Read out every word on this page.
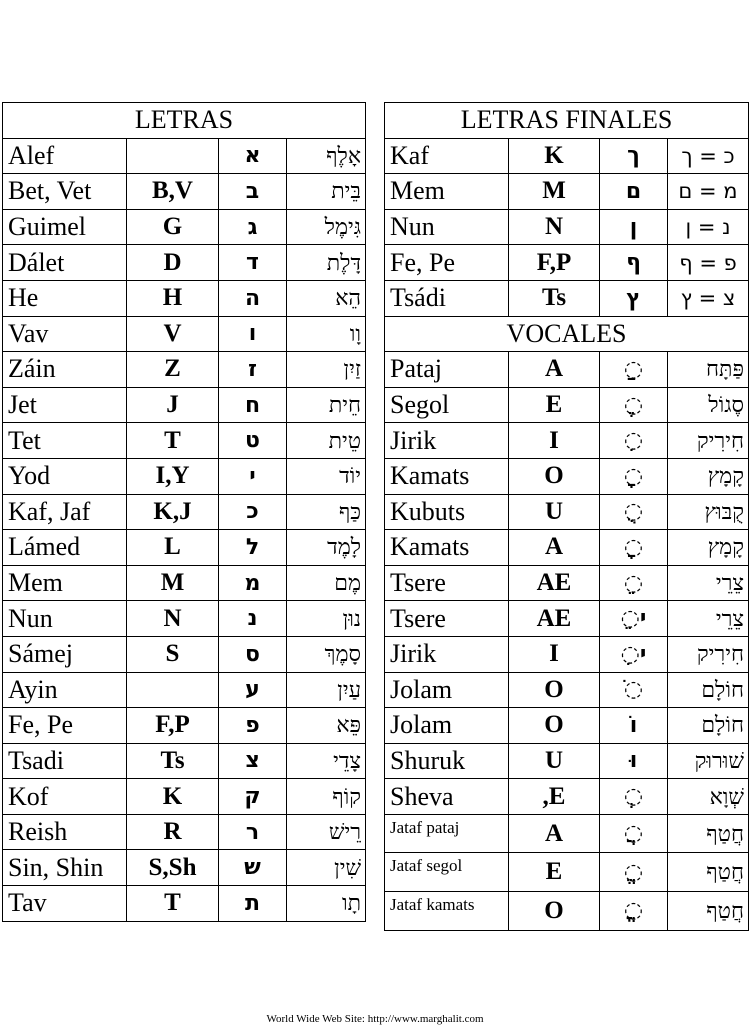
LETRAS			
Alef		א	אָלֶף
Bet, Vet	B,V	ב	בֵּית
Guimel	G	ג	גִּימֶל
Dálet	D	ד	דָּלֶת
He	H	ה	הֵא
Vav	V	ו	וָו
Záin	Z	ז	זַיִן
Jet	J	ח	חֵית
Tet	T	ט	טֵית
Yod	I,Y	י	יוֹד
Kaf, Jaf	K,J	כ	כַּף
Lámed	L	ל	לָמֶד
Mem	M	מ	מֶם
Nun	N	נ	נוּן
Sámej	S	ס	סָמֶךְ
Ayin		ע	עַיִן
Fe, Pe	F,P	פ	פֵּא
Tsadi	Ts	צ	צָדֵי
Kof	K	ק	קוֹף
Reish	R	ר	רֵישׁ
Sin, Shin	S,Sh	ש	שִׁין
Tav	T	ת	תָו
LETRAS FINALES			
Kaf	K	ך	כ = ך
Mem	M	ם	מ = ם
Nun	N	ן	נ = ן
Fe, Pe	F,P	ף	פ = ף
Tsádi	Ts	ץ	צ = ץ
VOCALES			
Pataj	A	◌ַ	פַּתָּח
Segol	E	◌ֶ	סֶגוֹל
Jirik	I	◌ִ	חִירִיק
Kamats	O	◌ָ	קָמָץ
Kubuts	U	◌ֻ	קֻבּוּץ
Kamats	A	◌ָ	קָמָץ
Tsere	AE	◌ֵ	צֵרֵי
Tsere	AE	◌ֵי	צֵרֵי
Jirik	I	◌ִי	חִירִיק
Jolam	O	◌ֹ	חוֹלָם
Jolam	O	וֹ	חוֹלָם
Shuruk	U	וּ	שׁוּרוּק
Sheva	,E	◌ְ	שְׁוָא
Jataf pataj	A	◌ֲ	חֲטַף
Jataf segol	E	◌ֱ	חֲטַף
Jataf kamats	O	◌ֳ	חֲטַף
World Wide Web Site: http://www.marghalit.com
